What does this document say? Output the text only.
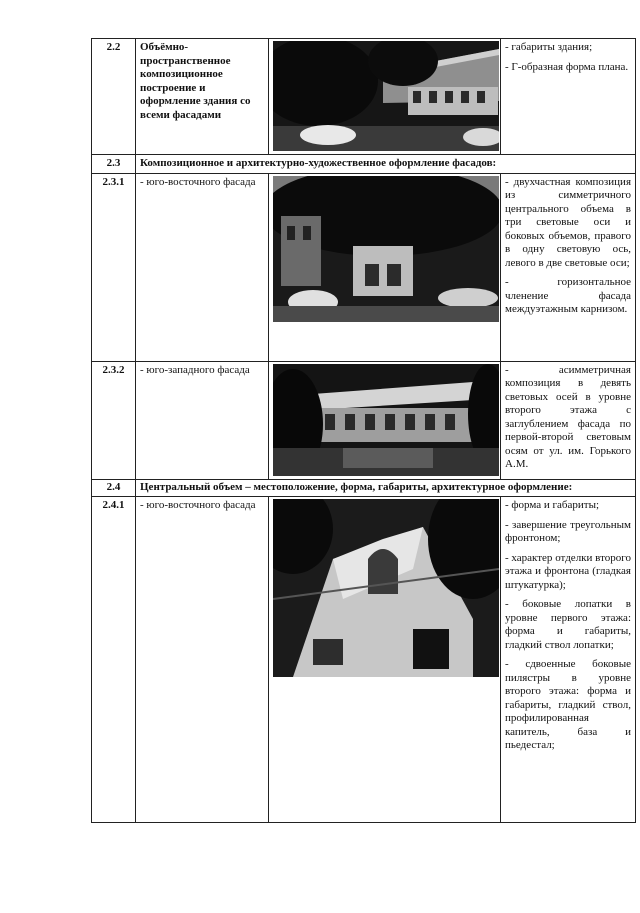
2.2	Объёмно-пространственное композиционное построение и оформление здания со всеми фасадами		- габариты здания;

- Г-образная форма плана.

2.3	Композиционное и архитектурно-художественное оформление фасадов:		
2.3.1	- юго-восточного фасада		- двухчастная композиция из симметричного центрального объема в три световые оси и боковых объемов, правого в одну световую ось, левого в две световые оси;

- горизонтальное членение фасада междуэтажным карнизом.

2.3.2	- юго-западного фасада		- асимметричная композиция в девять световых осей в уровне второго этажа с заглублением фасада по первой-второй световым осям от ул. им. Горького А.М.

2.4	Центральный объем – местоположение, форма, габариты, архитектурное оформление:		
2.4.1	- юго-восточного фасада		- форма и габариты;

- завершение треугольным фронтоном;

- характер отделки второго этажа и фронтона (гладкая штукатурка);

- боковые лопатки в уровне первого этажа: форма и габариты, гладкий ствол лопатки;

- сдвоенные боковые пилястры в уровне второго этажа: форма и габариты, гладкий ствол, профилированная капитель, база и пьедестал;
